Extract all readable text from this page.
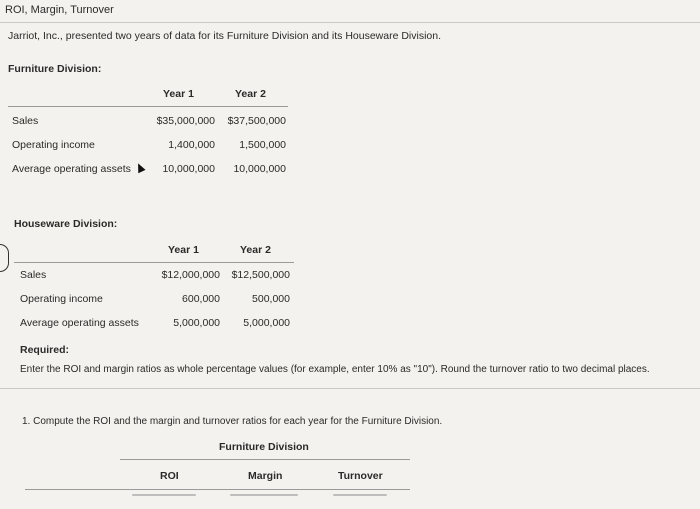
ROI, Margin, Turnover
Jarriot, Inc., presented two years of data for its Furniture Division and its Houseware Division.
Furniture Division:
Year 1	Year 2
Sales	$35,000,000 $37,500,000
Operating income	1,400,000 1,500,000
Average operating assets	10,000,000 10,000,000
Houseware Division:
Year 1	Year 2
Sales	$12,000,000 $12,500,000
Operating income	600,000	500,000
Average operating assets	5,000,000 5,000,000
Required:
Enter the ROI and margin ratios as whole percentage values (for example, enter 10% as "10"). Round the turnover ratio to two decimal places.
1. Compute the ROI and the margin and turnover ratios for each year for the Furniture Division.
Furniture Division
ROI	Margin	Turnover
